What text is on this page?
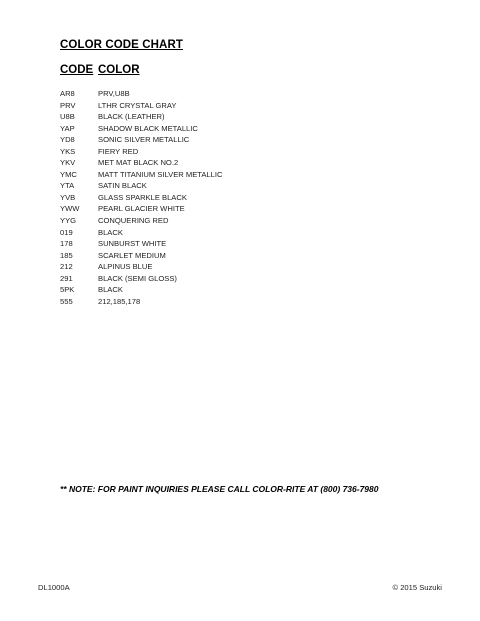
COLOR CODE CHART
CODE COLOR
AR8	PRV,U8B
PRV	LTHR CRYSTAL GRAY
U8B	BLACK (LEATHER)
YAP	SHADOW BLACK METALLIC
YD8	SONIC SILVER METALLIC
YKS	FIERY RED
YKV	MET MAT BLACK NO.2
YMC	MATT TITANIUM SILVER METALLIC
YTA	SATIN BLACK
YVB	GLASS SPARKLE BLACK
YWW PEARL GLACIER WHITE
YYG	CONQUERING RED
019	BLACK
178	SUNBURST WHITE
185	SCARLET MEDIUM
212	ALPINUS BLUE
291	BLACK (SEMI GLOSS)
5PK	BLACK
555	212,185,178
** NOTE: FOR PAINT INQUIRIES PLEASE CALL COLOR-RITE AT (800) 736-7980
DL1000A	© 2015 Suzuki
